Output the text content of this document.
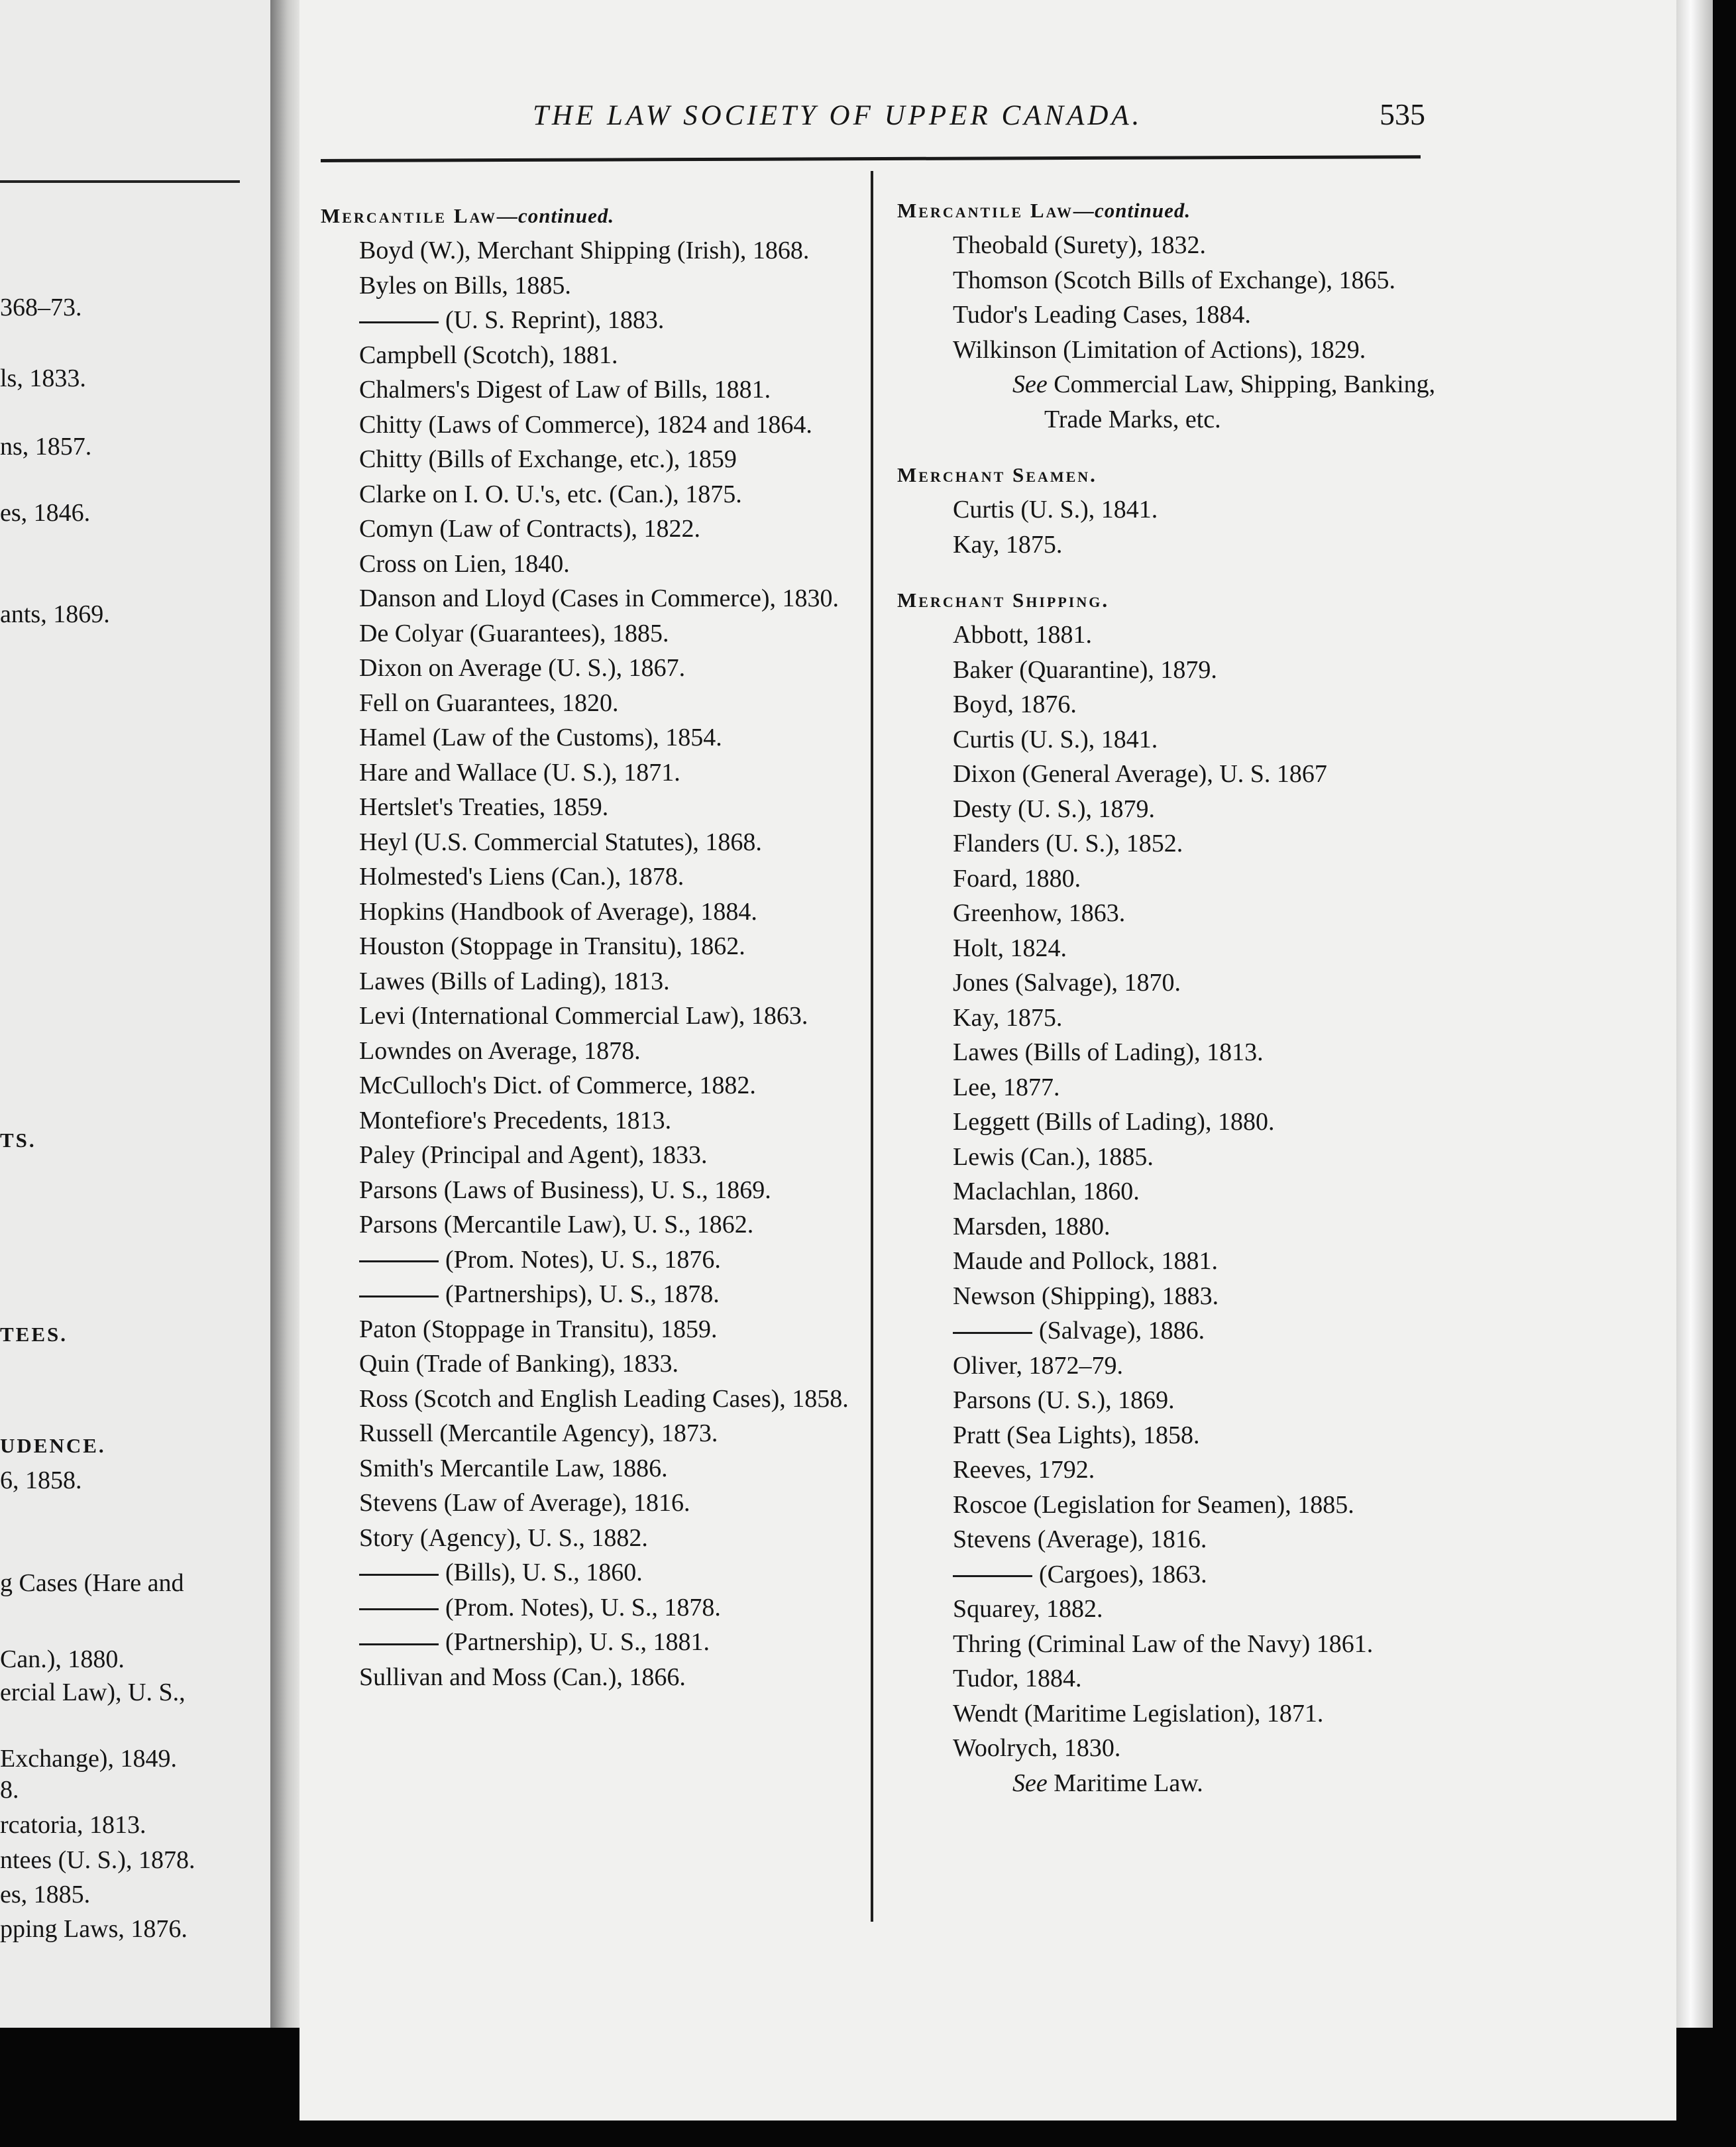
368–73.
ls, 1833.
ns, 1857.
es, 1846.
ants, 1869.
TS.
TEES.
UDENCE.
6, 1858.
g Cases (Hare and
Can.), 1880.
ercial Law), U. S.,
Exchange), 1849.
8.
rcatoria, 1813.
ntees (U. S.), 1878.
es, 1885.
pping Laws, 1876.
THE LAW SOCIETY OF UPPER CANADA.	535
Mercantile Law—continued.
Boyd (W.), Merchant Shipping (Irish), 1868.
Byles on Bills, 1885.
(U. S. Reprint), 1883.
Campbell (Scotch), 1881.
Chalmers's Digest of Law of Bills, 1881.
Chitty (Laws of Commerce), 1824 and 1864.
Chitty (Bills of Exchange, etc.), 1859
Clarke on I. O. U.'s, etc. (Can.), 1875.
Comyn (Law of Contracts), 1822.
Cross on Lien, 1840.
Danson and Lloyd (Cases in Commerce), 1830.
De Colyar (Guarantees), 1885.
Dixon on Average (U. S.), 1867.
Fell on Guarantees, 1820.
Hamel (Law of the Customs), 1854.
Hare and Wallace (U. S.), 1871.
Hertslet's Treaties, 1859.
Heyl (U.S. Commercial Statutes), 1868.
Holmested's Liens (Can.), 1878.
Hopkins (Handbook of Average), 1884.
Houston (Stoppage in Transitu), 1862.
Lawes (Bills of Lading), 1813.
Levi (International Commercial Law), 1863.
Lowndes on Average, 1878.
McCulloch's Dict. of Commerce, 1882.
Montefiore's Precedents, 1813.
Paley (Principal and Agent), 1833.
Parsons (Laws of Business), U. S., 1869.
Parsons (Mercantile Law), U. S., 1862.
(Prom. Notes), U. S., 1876.
(Partnerships), U. S., 1878.
Paton (Stoppage in Transitu), 1859.
Quin (Trade of Banking), 1833.
Ross (Scotch and English Leading Cases), 1858.
Russell (Mercantile Agency), 1873.
Smith's Mercantile Law, 1886.
Stevens (Law of Average), 1816.
Story (Agency), U. S., 1882.
(Bills), U. S., 1860.
(Prom. Notes), U. S., 1878.
(Partnership), U. S., 1881.
Sullivan and Moss (Can.), 1866.
Mercantile Law—continued.
Theobald (Surety), 1832.
Thomson (Scotch Bills of Exchange), 1865.
Tudor's Leading Cases, 1884.
Wilkinson (Limitation of Actions), 1829.
See Commercial Law, Shipping, Banking, Trade Marks, etc.
Merchant Seamen.
Curtis (U. S.), 1841.
Kay, 1875.
Merchant Shipping.
Abbott, 1881.
Baker (Quarantine), 1879.
Boyd, 1876.
Curtis (U. S.), 1841.
Dixon (General Average), U. S. 1867
Desty (U. S.), 1879.
Flanders (U. S.), 1852.
Foard, 1880.
Greenhow, 1863.
Holt, 1824.
Jones (Salvage), 1870.
Kay, 1875.
Lawes (Bills of Lading), 1813.
Lee, 1877.
Leggett (Bills of Lading), 1880.
Lewis (Can.), 1885.
Maclachlan, 1860.
Marsden, 1880.
Maude and Pollock, 1881.
Newson (Shipping), 1883.
(Salvage), 1886.
Oliver, 1872–79.
Parsons (U. S.), 1869.
Pratt (Sea Lights), 1858.
Reeves, 1792.
Roscoe (Legislation for Seamen), 1885.
Stevens (Average), 1816.
(Cargoes), 1863.
Squarey, 1882.
Thring (Criminal Law of the Navy) 1861.
Tudor, 1884.
Wendt (Maritime Legislation), 1871.
Woolrych, 1830.
See Maritime Law.
